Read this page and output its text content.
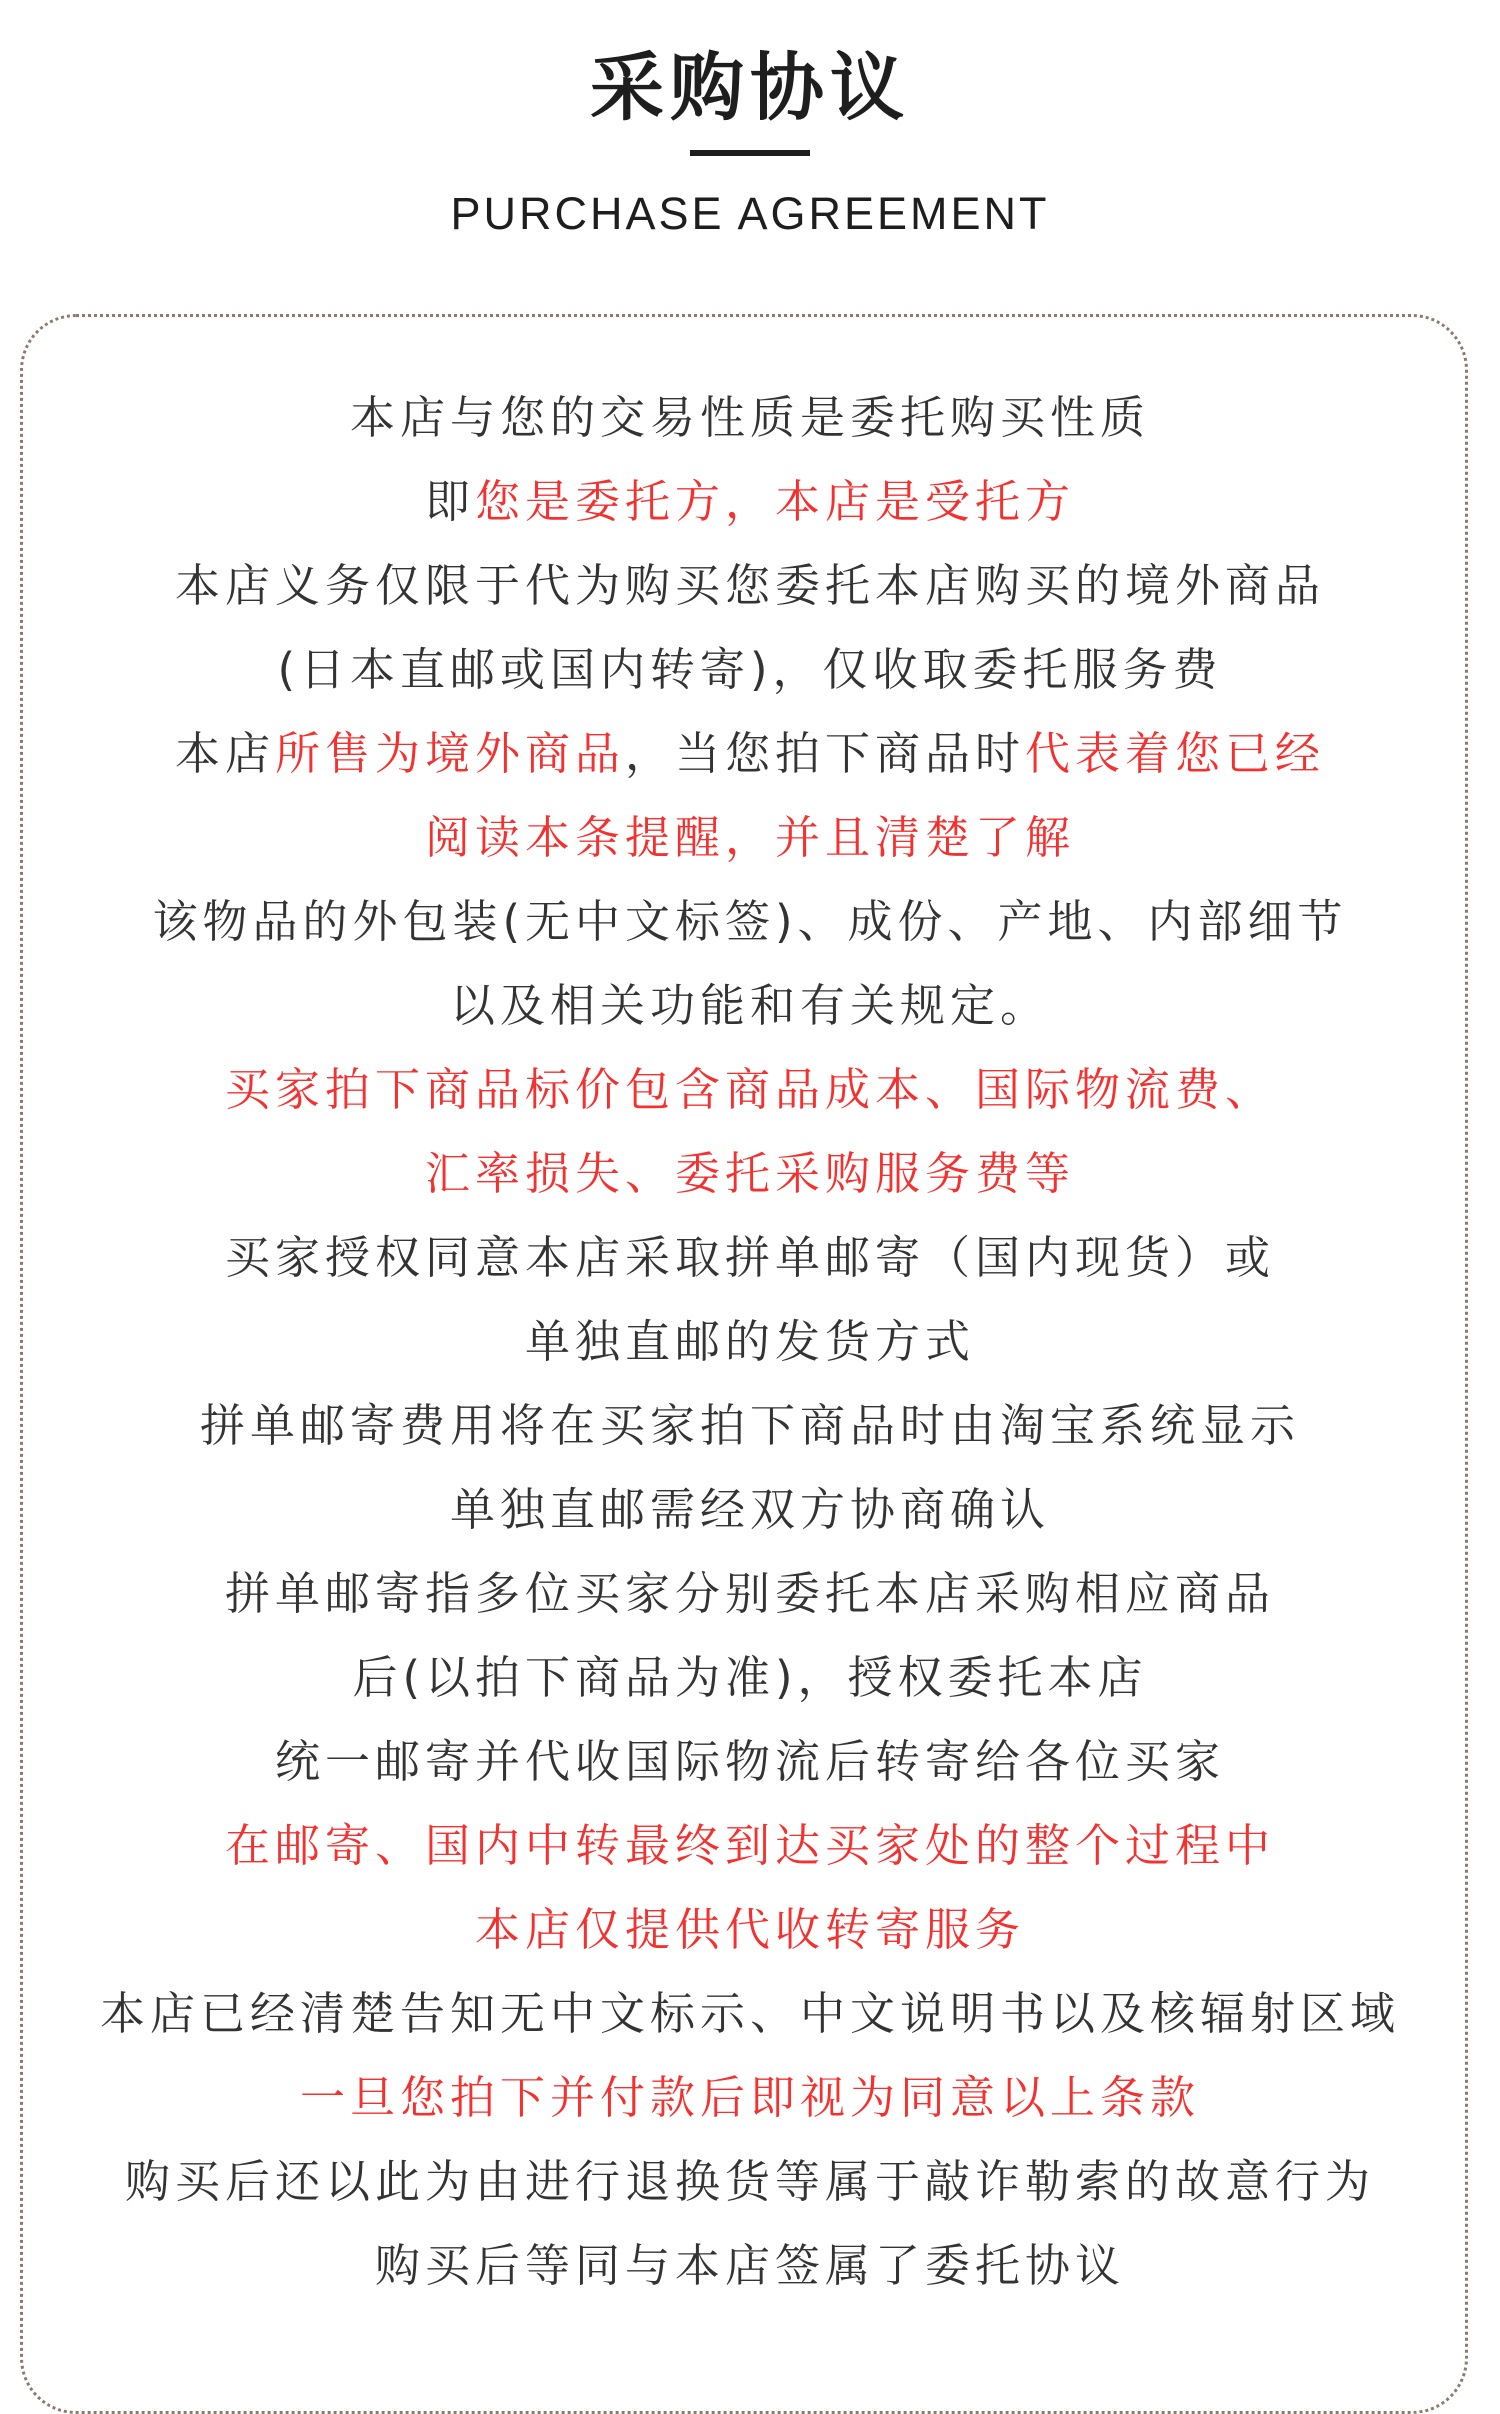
采购协议
PURCHASE AGREEMENT
本店与您的交易性质是委托购买性质
即您是委托方，本店是受托方
本店义务仅限于代为购买您委托本店购买的境外商品
(日本直邮或国内转寄)，仅收取委托服务费
本店所售为境外商品，当您拍下商品时代表着您已经
阅读本条提醒，并且清楚了解
该物品的外包装(无中文标签)、成份、产地、内部细节
以及相关功能和有关规定。
买家拍下商品标价包含商品成本、国际物流费、
汇率损失、委托采购服务费等
买家授权同意本店采取拼单邮寄（国内现货）或
单独直邮的发货方式
拼单邮寄费用将在买家拍下商品时由淘宝系统显示
单独直邮需经双方协商确认
拼单邮寄指多位买家分别委托本店采购相应商品
后(以拍下商品为准)，授权委托本店
统一邮寄并代收国际物流后转寄给各位买家
在邮寄、国内中转最终到达买家处的整个过程中
本店仅提供代收转寄服务
本店已经清楚告知无中文标示、中文说明书以及核辐射区域
一旦您拍下并付款后即视为同意以上条款
购买后还以此为由进行退换货等属于敲诈勒索的故意行为
购买后等同与本店签属了委托协议
